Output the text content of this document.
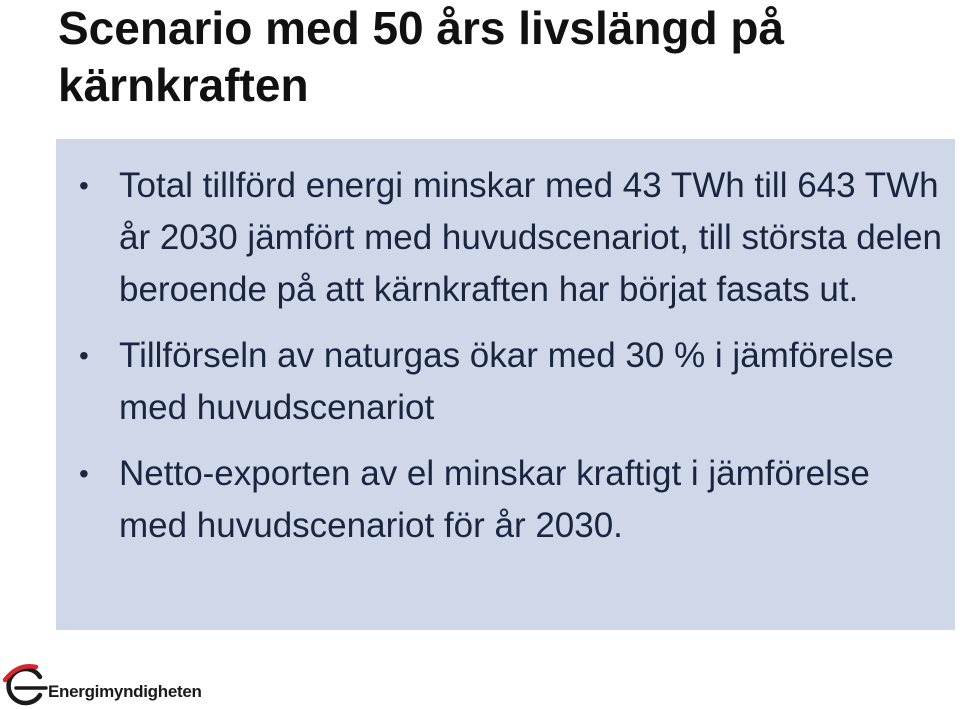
Scenario med 50 års livslängd på kärnkraften
• Total tillförd energi minskar med 43 TWh till 643 TWh år 2030 jämfört med huvudscenariot, till största delen beroende på att kärnkraften har börjat fasats ut.
• Tillförseln av naturgas ökar med 30 % i jämförelse med huvudscenariot
• Netto-exporten av el minskar kraftigt i jämförelse med huvudscenariot för år 2030.
Energimyndigheten
